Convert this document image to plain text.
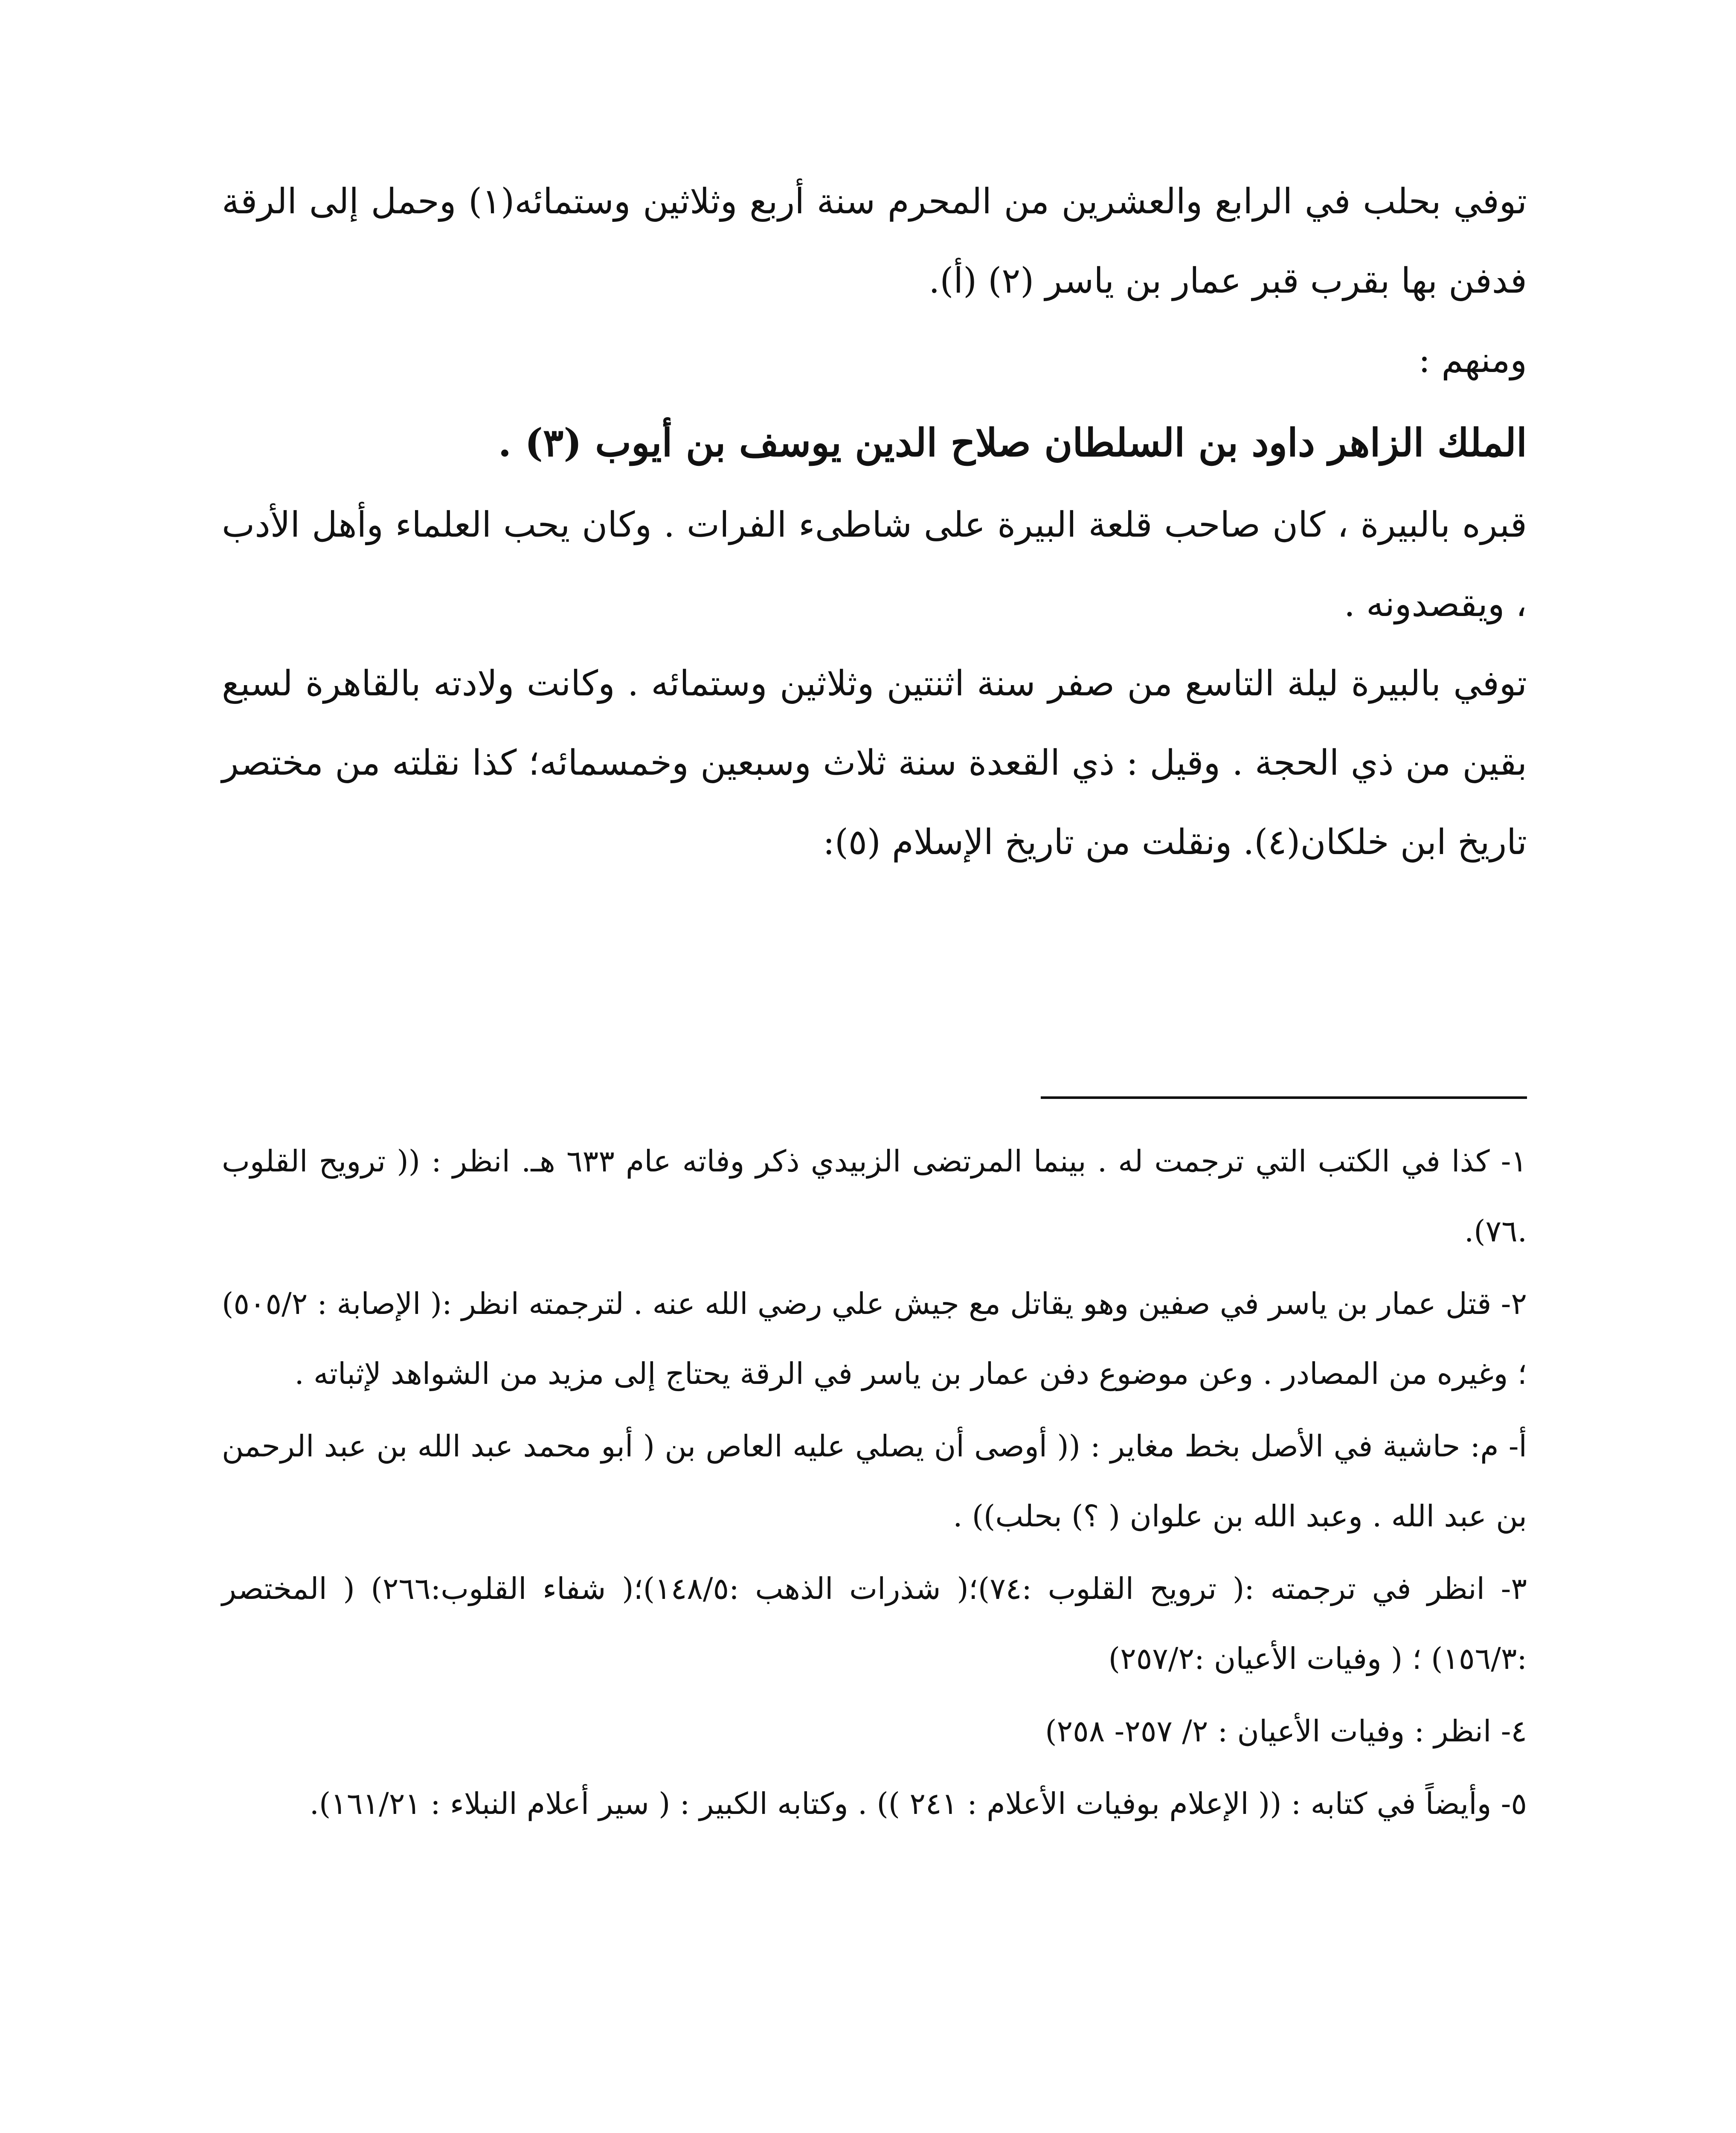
توفي بحلب في الرابع والعشرين من المحرم سنة أربع وثلاثين وستمائه(١) وحمل إلى الرقة فدفن بها بقرب قبر عمار بن ياسر (٢) (أ).

ومنهم :

الملك الزاهر داود بن السلطان صلاح الدين يوسف بن أيوب (٣) .

قبره بالبيرة ، كان صاحب قلعة البيرة على شاطىء الفرات . وكان يحب العلماء وأهل الأدب ، ويقصدونه .

توفي بالبيرة ليلة التاسع من صفر سنة اثنتين وثلاثين وستمائه . وكانت ولادته بالقاهرة لسبع بقين من ذي الحجة . وقيل : ذي القعدة سنة ثلاث وسبعين وخمسمائه؛ كذا نقلته من مختصر تاريخ ابن خلكان(٤). ونقلت من تاريخ الإسلام (٥):

١- كذا في الكتب التي ترجمت له . بينما المرتضى الزبيدي ذكر وفاته عام ٦٣٣ هـ. انظر : (( ترويح القلوب .٧٦).

٢- قتل عمار بن ياسر في صفين وهو يقاتل مع جيش علي رضي الله عنه . لترجمته انظر :( الإصابة : ٥٠٥/٢) ؛ وغيره من المصادر . وعن موضوع دفن عمار بن ياسر في الرقة يحتاج إلى مزيد من الشواهد لإثباته .

أ- م: حاشية في الأصل بخط مغاير : (( أوصى أن يصلي عليه العاص بن ( أبو محمد عبد الله بن عبد الرحمن بن عبد الله . وعبد الله بن علوان ( ؟) بحلب)) .

٣- انظر في ترجمته :( ترويح القلوب :٧٤)؛( شذرات الذهب :١٤٨/٥)؛( شفاء القلوب:٢٦٦) ( المختصر :١٥٦/٣) ؛ ( وفيات الأعيان :٢٥٧/٢)

٤- انظر : وفيات الأعيان : ٢/ ٢٥٧- ٢٥٨)

٥- وأيضاً في كتابه : (( الإعلام بوفيات الأعلام : ٢٤١ )) . وكتابه الكبير : ( سير أعلام النبلاء : ١٦١/٢١).
